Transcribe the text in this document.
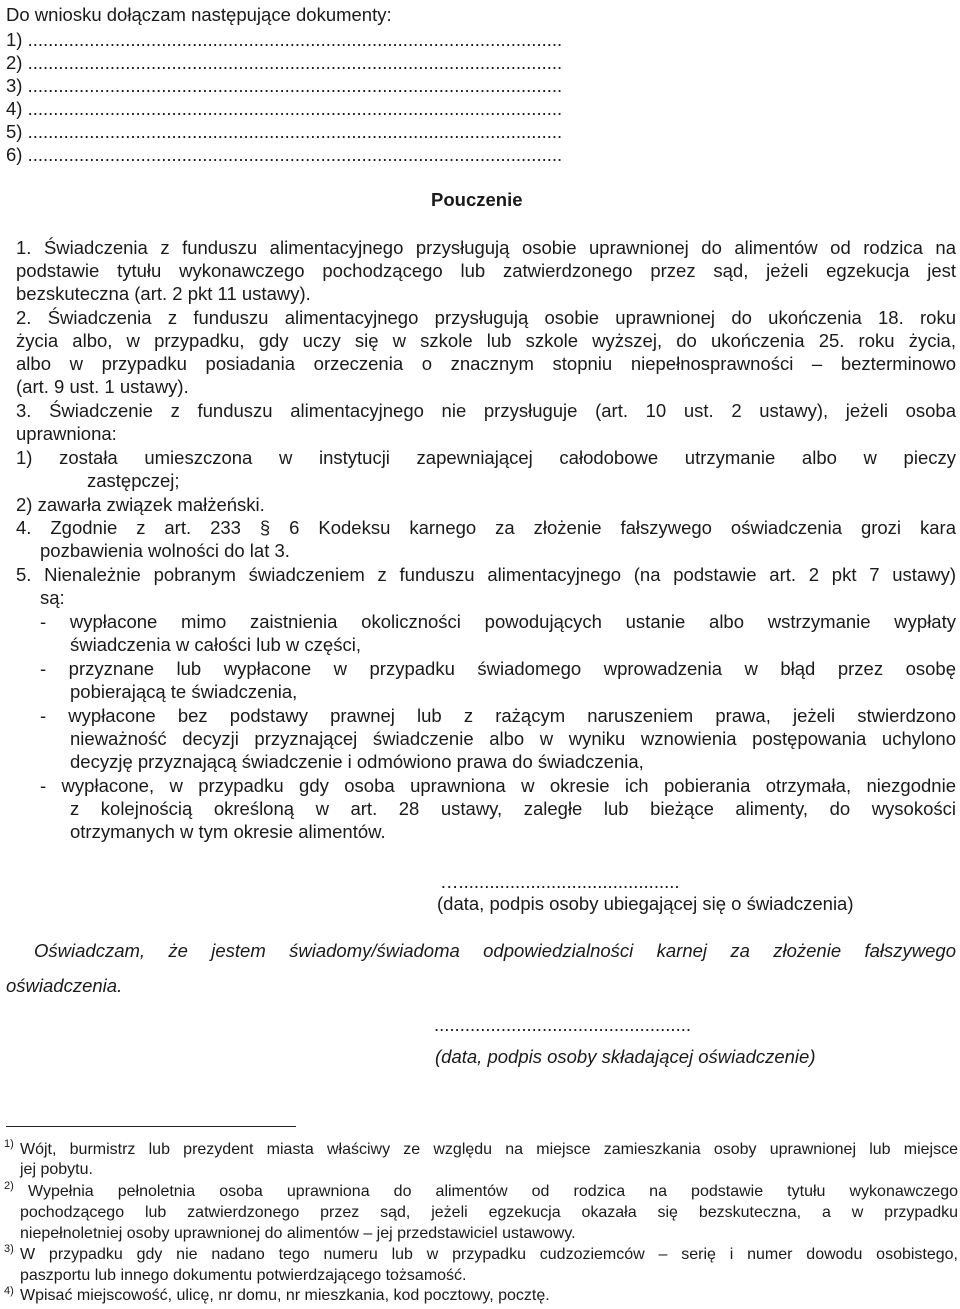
Do wniosku dołączam następujące dokumenty:
1) ........................................................................................................
2) ........................................................................................................
3) ........................................................................................................
4) ........................................................................................................
5) ........................................................................................................
6) ........................................................................................................
Pouczenie
1. Świadczenia z funduszu alimentacyjnego przysługują osobie uprawnionej do alimentów od rodzica na
podstawie tytułu wykonawczego pochodzącego lub zatwierdzonego przez sąd, jeżeli egzekucja jest
bezskuteczna (art. 2 pkt 11 ustawy).
2. Świadczenia z funduszu alimentacyjnego przysługują osobie uprawnionej do ukończenia 18. roku
życia albo, w przypadku, gdy uczy się w szkole lub szkole wyższej, do ukończenia 25. roku życia,
albo w przypadku posiadania orzeczenia o znacznym stopniu niepełnosprawności – bezterminowo
(art. 9 ust. 1 ustawy).
3. Świadczenie z funduszu alimentacyjnego nie przysługuje (art. 10 ust. 2 ustawy), jeżeli osoba
uprawniona:
1) została umieszczona w instytucji zapewniającej całodobowe utrzymanie albo w pieczy
zastępczej;
2) zawarła związek małżeński.
4. Zgodnie z art. 233 § 6 Kodeksu karnego za złożenie fałszywego oświadczenia grozi kara
pozbawienia wolności do lat 3.
5. Nienależnie pobranym świadczeniem z funduszu alimentacyjnego (na podstawie art. 2 pkt 7 ustawy)
są:
- wypłacone mimo zaistnienia okoliczności powodujących ustanie albo wstrzymanie wypłaty
świadczenia w całości lub w części,
- przyznane lub wypłacone w przypadku świadomego wprowadzenia w błąd przez osobę
pobierającą te świadczenia,
- wypłacone bez podstawy prawnej lub z rażącym naruszeniem prawa, jeżeli stwierdzono
nieważność decyzji przyznającej świadczenie albo w wyniku wznowienia postępowania uchylono
decyzję przyznającą świadczenie i odmówiono prawa do świadczenia,
- wypłacone, w przypadku gdy osoba uprawniona w okresie ich pobierania otrzymała, niezgodnie
z kolejnością określoną w art. 28 ustawy, zaległe lub bieżące alimenty, do wysokości
otrzymanych w tym okresie alimentów.
…...........................................
(data, podpis osoby ubiegającej się o świadczenia)
Oświadczam, że jestem świadomy/świadoma odpowiedzialności karnej za złożenie fałszywego
oświadczenia.
..................................................
(data, podpis osoby składającej oświadczenie)
$^{1)}$ Wójt, burmistrz lub prezydent miasta właściwy ze względu na miejsce zamieszkania osoby uprawnionej lub miejsce
jej pobytu.
$^{2)}$ Wypełnia pełnoletnia osoba uprawniona do alimentów od rodzica na podstawie tytułu wykonawczego
pochodzącego lub zatwierdzonego przez sąd, jeżeli egzekucja okazała się bezskuteczna, a w przypadku
niepełnoletniej osoby uprawnionej do alimentów – jej przedstawiciel ustawowy.
$^{3)}$ W przypadku gdy nie nadano tego numeru lub w przypadku cudzoziemców – serię i numer dowodu osobistego,
paszportu lub innego dokumentu potwierdzającego tożsamość.
$^{4)}$ Wpisać miejscowość, ulicę, nr domu, nr mieszkania, kod pocztowy, pocztę.
